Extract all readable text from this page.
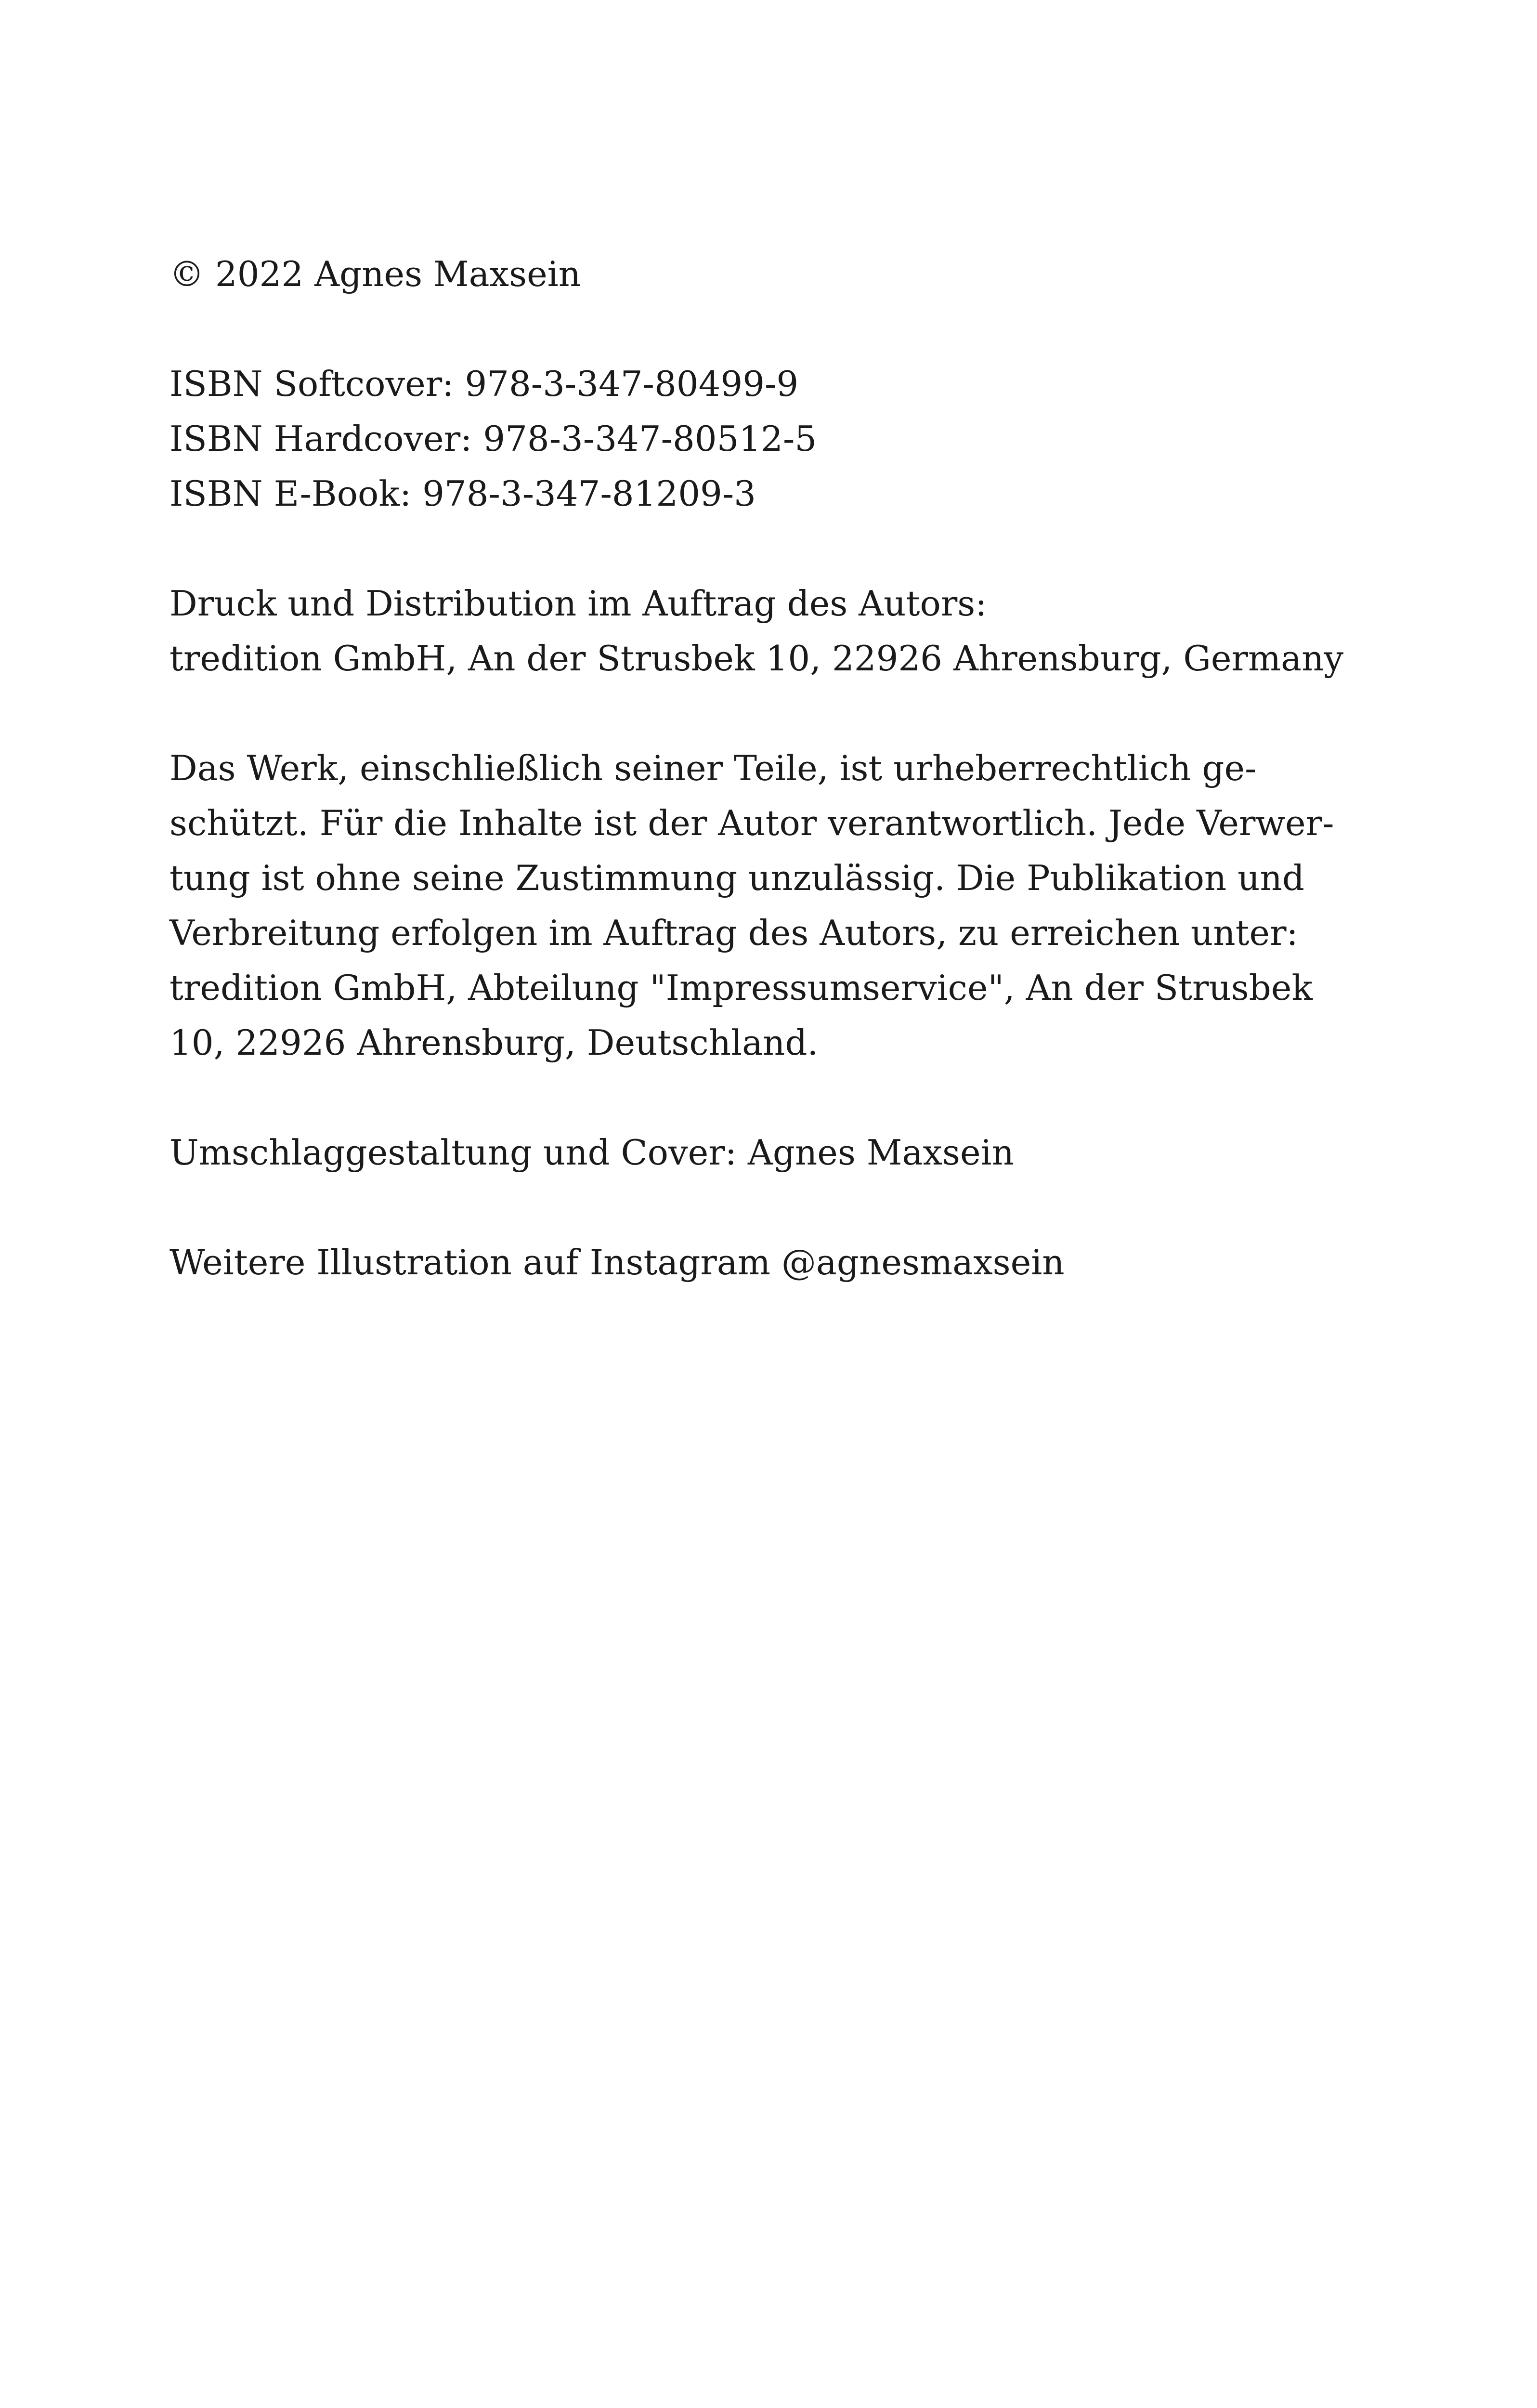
© 2022 Agnes Maxsein

ISBN Softcover: 978-3-347-80499-9
ISBN Hardcover: 978-3-347-80512-5
ISBN E-Book: 978-3-347-81209-3

Druck und Distribution im Auftrag des Autors:
tredition GmbH, An der Strusbek 10, 22926 Ahrensburg, Germany

Das Werk, einschließlich seiner Teile, ist urheberrechtlich ge-
schützt. Für die Inhalte ist der Autor verantwortlich. Jede Verwer-
tung ist ohne seine Zustimmung unzulässig. Die Publikation und
Verbreitung erfolgen im Auftrag des Autors, zu erreichen unter:
tredition GmbH, Abteilung "Impressumservice", An der Strusbek
10, 22926 Ahrensburg, Deutschland.

Umschlaggestaltung und Cover: Agnes Maxsein

Weitere Illustration auf Instagram @agnesmaxsein
